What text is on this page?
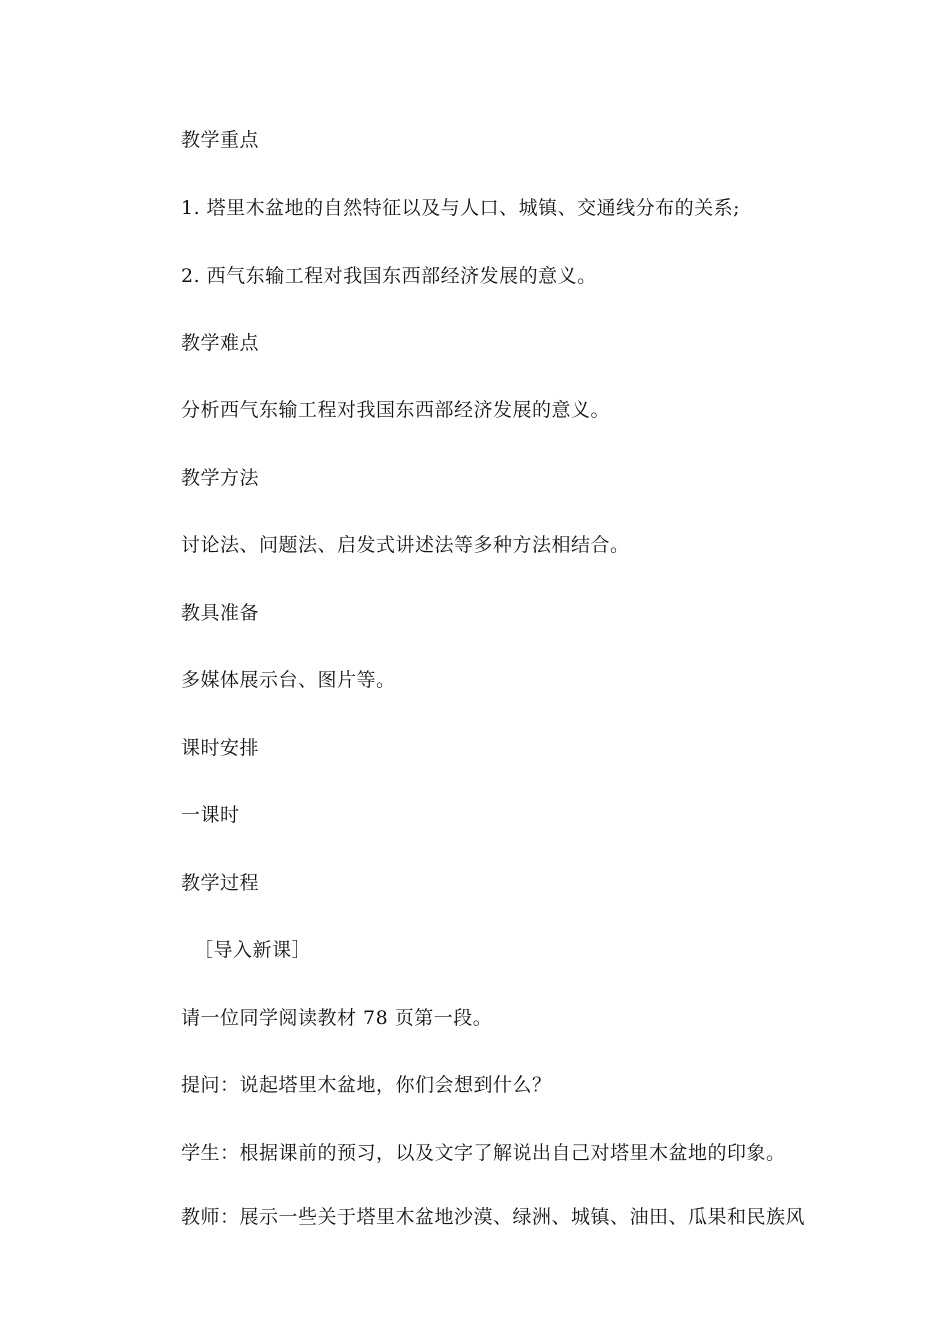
教学重点
1. 塔里木盆地的自然特征以及与人口、城镇、交通线分布的关系;
2. 西气东输工程对我国东西部经济发展的意义。
教学难点
分析西气东输工程对我国东西部经济发展的意义。
教学方法
讨论法、问题法、启发式讲述法等多种方法相结合。
教具准备
多媒体展示台、图片等。
课时安排
一课时
教学过程
［导入新课］
请一位同学阅读教材 78 页第一段。
提问：说起塔里木盆地，你们会想到什么？
学生：根据课前的预习，以及文字了解说出自己对塔里木盆地的印象。
教师：展示一些关于塔里木盆地沙漠、绿洲、城镇、油田、瓜果和民族风
